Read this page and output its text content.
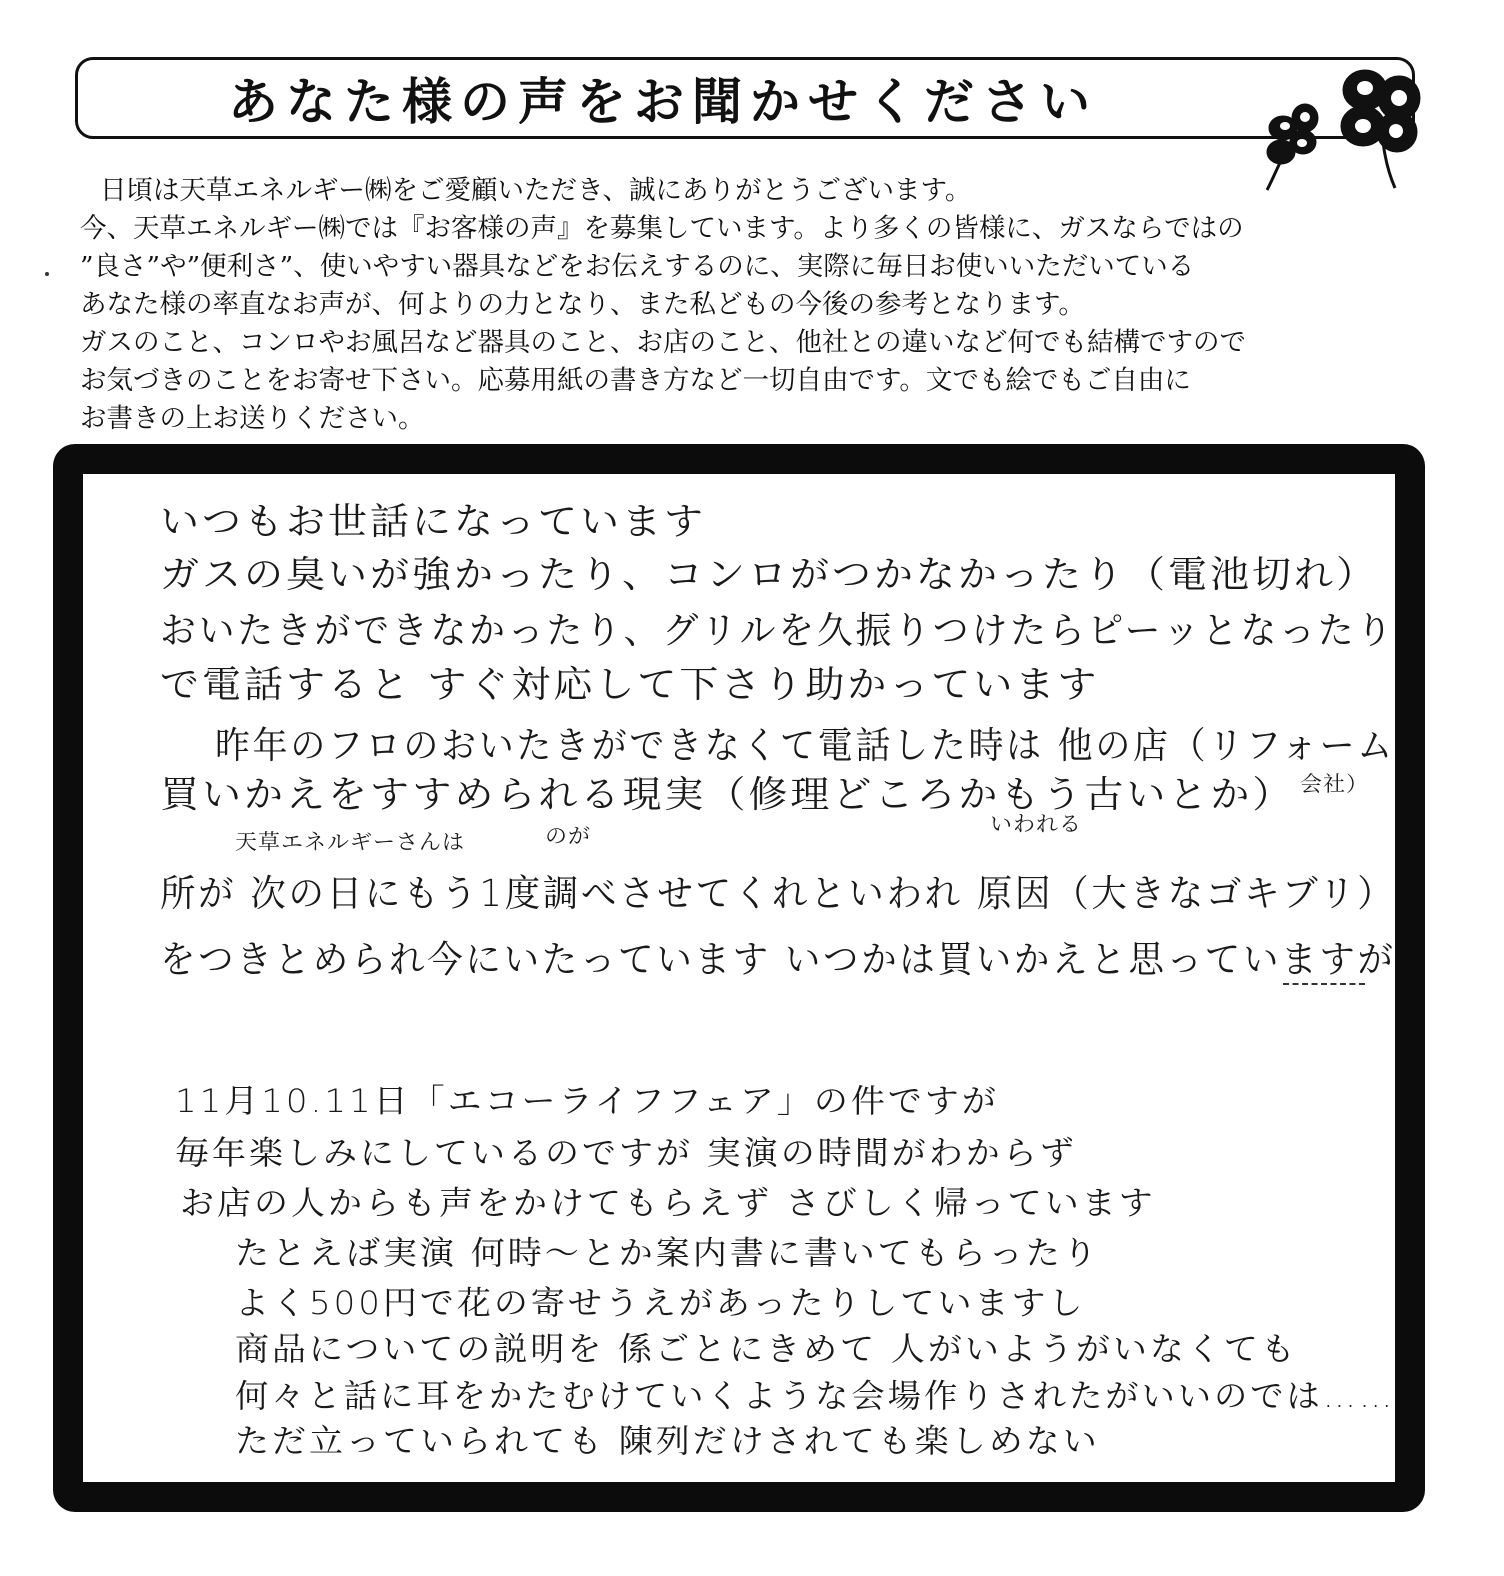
あなた様の声をお聞かせください
日頃は天草エネルギー㈱をご愛顧いただき、誠にありがとうございます。
今、天草エネルギー㈱では『お客様の声』を募集しています。より多くの皆様に、ガスならではの
”良さ”や”便利さ”、使いやすい器具などをお伝えするのに、実際に毎日お使いいただいている
あなた様の率直なお声が、何よりの力となり、また私どもの今後の参考となります。
ガスのこと、コンロやお風呂など器具のこと、お店のこと、他社との違いなど何でも結構ですので
お気づきのことをお寄せ下さい。応募用紙の書き方など一切自由です。文でも絵でもご自由に
お書きの上お送りください。
いつもお世話になっています
ガスの臭いが強かったり、コンロがつかなかったり（電池切れ）
おいたきができなかったり、グリルを久振りつけたらピーッとなったり
で電話すると すぐ対応して下さり助かっています
昨年のフロのおいたきができなくて電話した時は 他の店（リフォーム
会社）
買いかえをすすめられる現実（修理どころかもう古いとか）
天草エネルギーさんは	のが
いわれる
所が 次の日にもう1度調べさせてくれといわれ 原因（大きなゴキブリ）
をつきとめられ今にいたっています いつかは買いかえと思っていますが
11月10.11日「エコーライフフェア」の件ですが
毎年楽しみにしているのですが 実演の時間がわからず
お店の人からも声をかけてもらえず さびしく帰っています
たとえば実演 何時〜とか案内書に書いてもらったり
よく500円で花の寄せうえがあったりしていますし
商品についての説明を 係ごとにきめて 人がいようがいなくても
何々と話に耳をかたむけていくような会場作りされたがいいのでは……
ただ立っていられても 陳列だけされても楽しめない
